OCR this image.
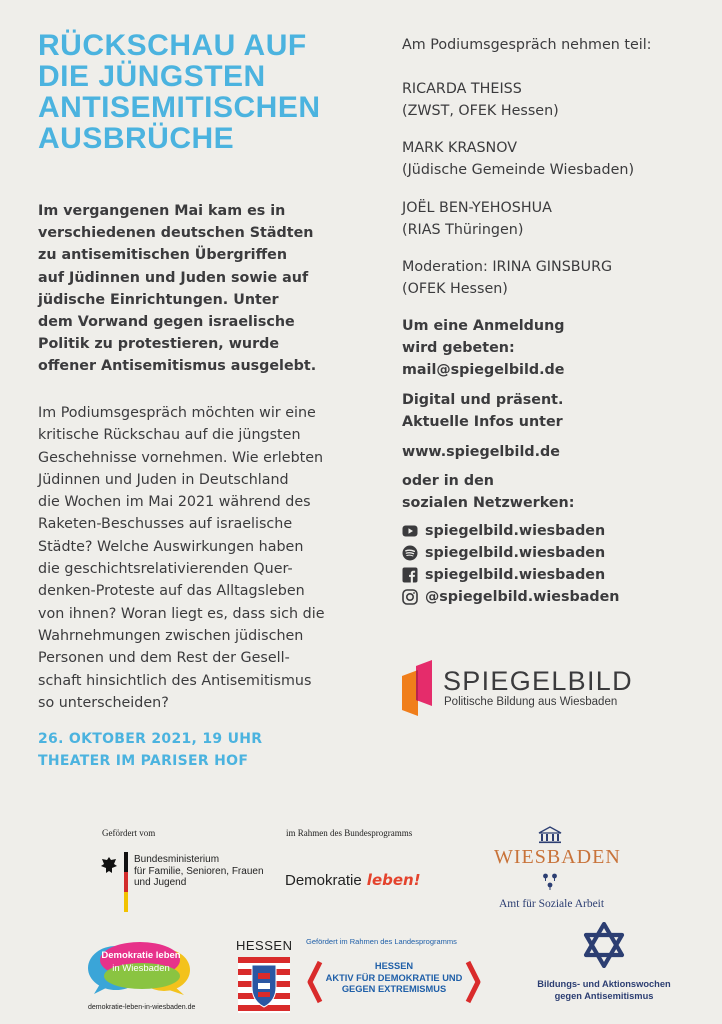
RÜCKSCHAU AUF
DIE JÜNGSTEN
ANTISEMITISCHEN
AUSBRÜCHE
Im vergangenen Mai kam es in
verschiedenen deutschen Städten
zu antisemitischen Übergriffen
auf Jüdinnen und Juden sowie auf
jüdische Einrichtungen. Unter
dem Vorwand gegen israelische
Politik zu protestieren, wurde
offener Antisemitismus ausgelebt.
Im Podiumsgespräch möchten wir eine
kritische Rückschau auf die jüngsten
Geschehnisse vornehmen. Wie erlebten
Jüdinnen und Juden in Deutschland
die Wochen im Mai 2021 während des
Raketen-Beschusses auf israelische
Städte? Welche Auswirkungen haben
die geschichtsrelativierenden Quer-
denken-Proteste auf das Alltagsleben
von ihnen? Woran liegt es, dass sich die
Wahrnehmungen zwischen jüdischen
Personen und dem Rest der Gesell-
schaft hinsichtlich des Antisemitismus
so unterscheiden?
26. OKTOBER 2021, 19 UHR
THEATER IM PARISER HOF
Am Podiumsgespräch nehmen teil:
RICARDA THEISS
(ZWST, OFEK Hessen)
MARK KRASNOV
(Jüdische Gemeinde Wiesbaden)
JOËL BEN-YEHOSHUA
(RIAS Thüringen)
Moderation: IRINA GINSBURG
(OFEK Hessen)
Um eine Anmeldung
wird gebeten:
mail@spiegelbild.de
Digital und präsent.
Aktuelle Infos unter
www.spiegelbild.de
oder in den
sozialen Netzwerken:
spiegelbild.wiesbaden
spiegelbild.wiesbaden
spiegelbild.wiesbaden
@spiegelbild.wiesbaden
SPIEGELBILD
Politische Bildung aus Wiesbaden
Gefördert vom
Bundesministerium
für Familie, Senioren, Frauen
und Jugend
im Rahmen des Bundesprogramms
Demokratie leben!
WIESBADEN
Amt für Soziale Arbeit
Demokratie leben
in Wiesbaden
demokratie-leben-in-wiesbaden.de
HESSEN Gefördert im Rahmen des Landesprogramms
HESSEN
AKTIV FÜR DEMOKRATIE UND
GEGEN EXTREMISMUS	Bildungs- und Aktionswochen
gegen Antisemitismus
